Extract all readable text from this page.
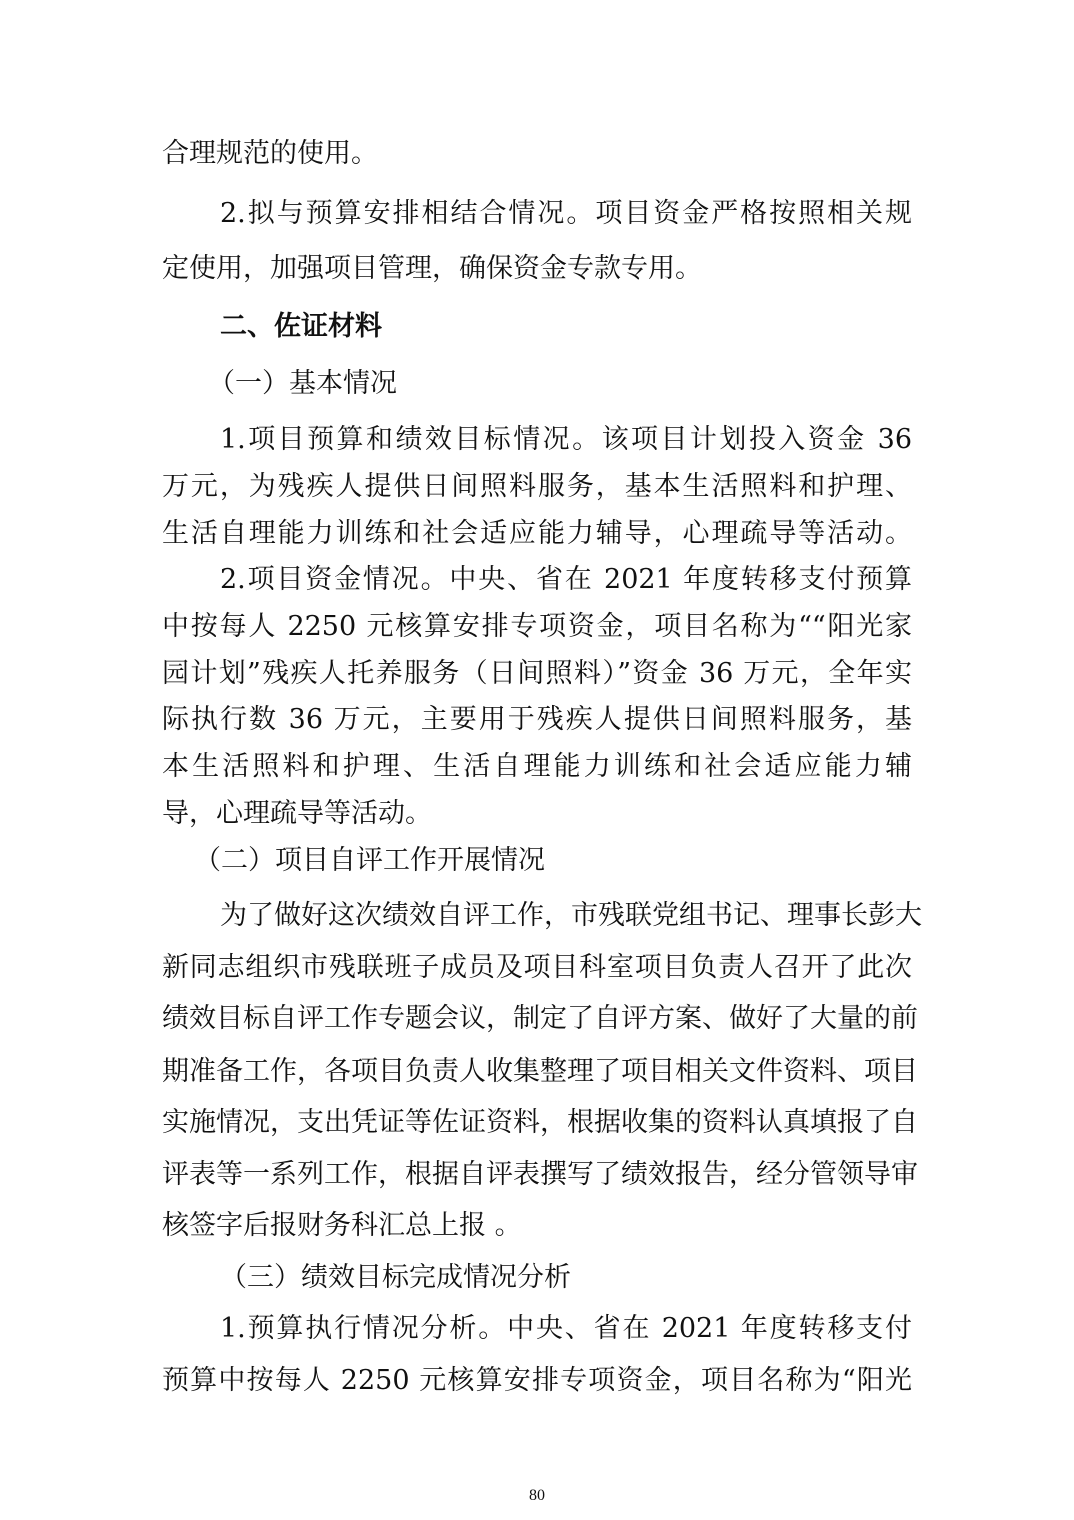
合理规范的使用。

2.拟与预算安排相结合情况。项目资金严格按照相关规

定使用，加强项目管理，确保资金专款专用。

二、佐证材料

（一）基本情况

1.项目预算和绩效目标情况。该项目计划投入资金 36

万元，为残疾人提供日间照料服务，基本生活照料和护理、

生活自理能力训练和社会适应能力辅导，心理疏导等活动。

2.项目资金情况。中央、省在 2021 年度转移支付预算

中按每人 2250 元核算安排专项资金，项目名称为““阳光家

园计划”残疾人托养服务（日间照料）”资金 36 万元，全年实

际执行数 36 万元，主要用于残疾人提供日间照料服务，基

本生活照料和护理、生活自理能力训练和社会适应能力辅

导，心理疏导等活动。

（二）项目自评工作开展情况

为了做好这次绩效自评工作，市残联党组书记、理事长彭大

新同志组织市残联班子成员及项目科室项目负责人召开了此次

绩效目标自评工作专题会议，制定了自评方案、做好了大量的前

期准备工作，各项目负责人收集整理了项目相关文件资料、项目

实施情况，支出凭证等佐证资料，根据收集的资料认真填报了自

评表等一系列工作，根据自评表撰写了绩效报告，经分管领导审

核签字后报财务科汇总上报 。

（三）绩效目标完成情况分析

1.预算执行情况分析。中央、省在 2021 年度转移支付

预算中按每人 2250 元核算安排专项资金，项目名称为“阳光

80
